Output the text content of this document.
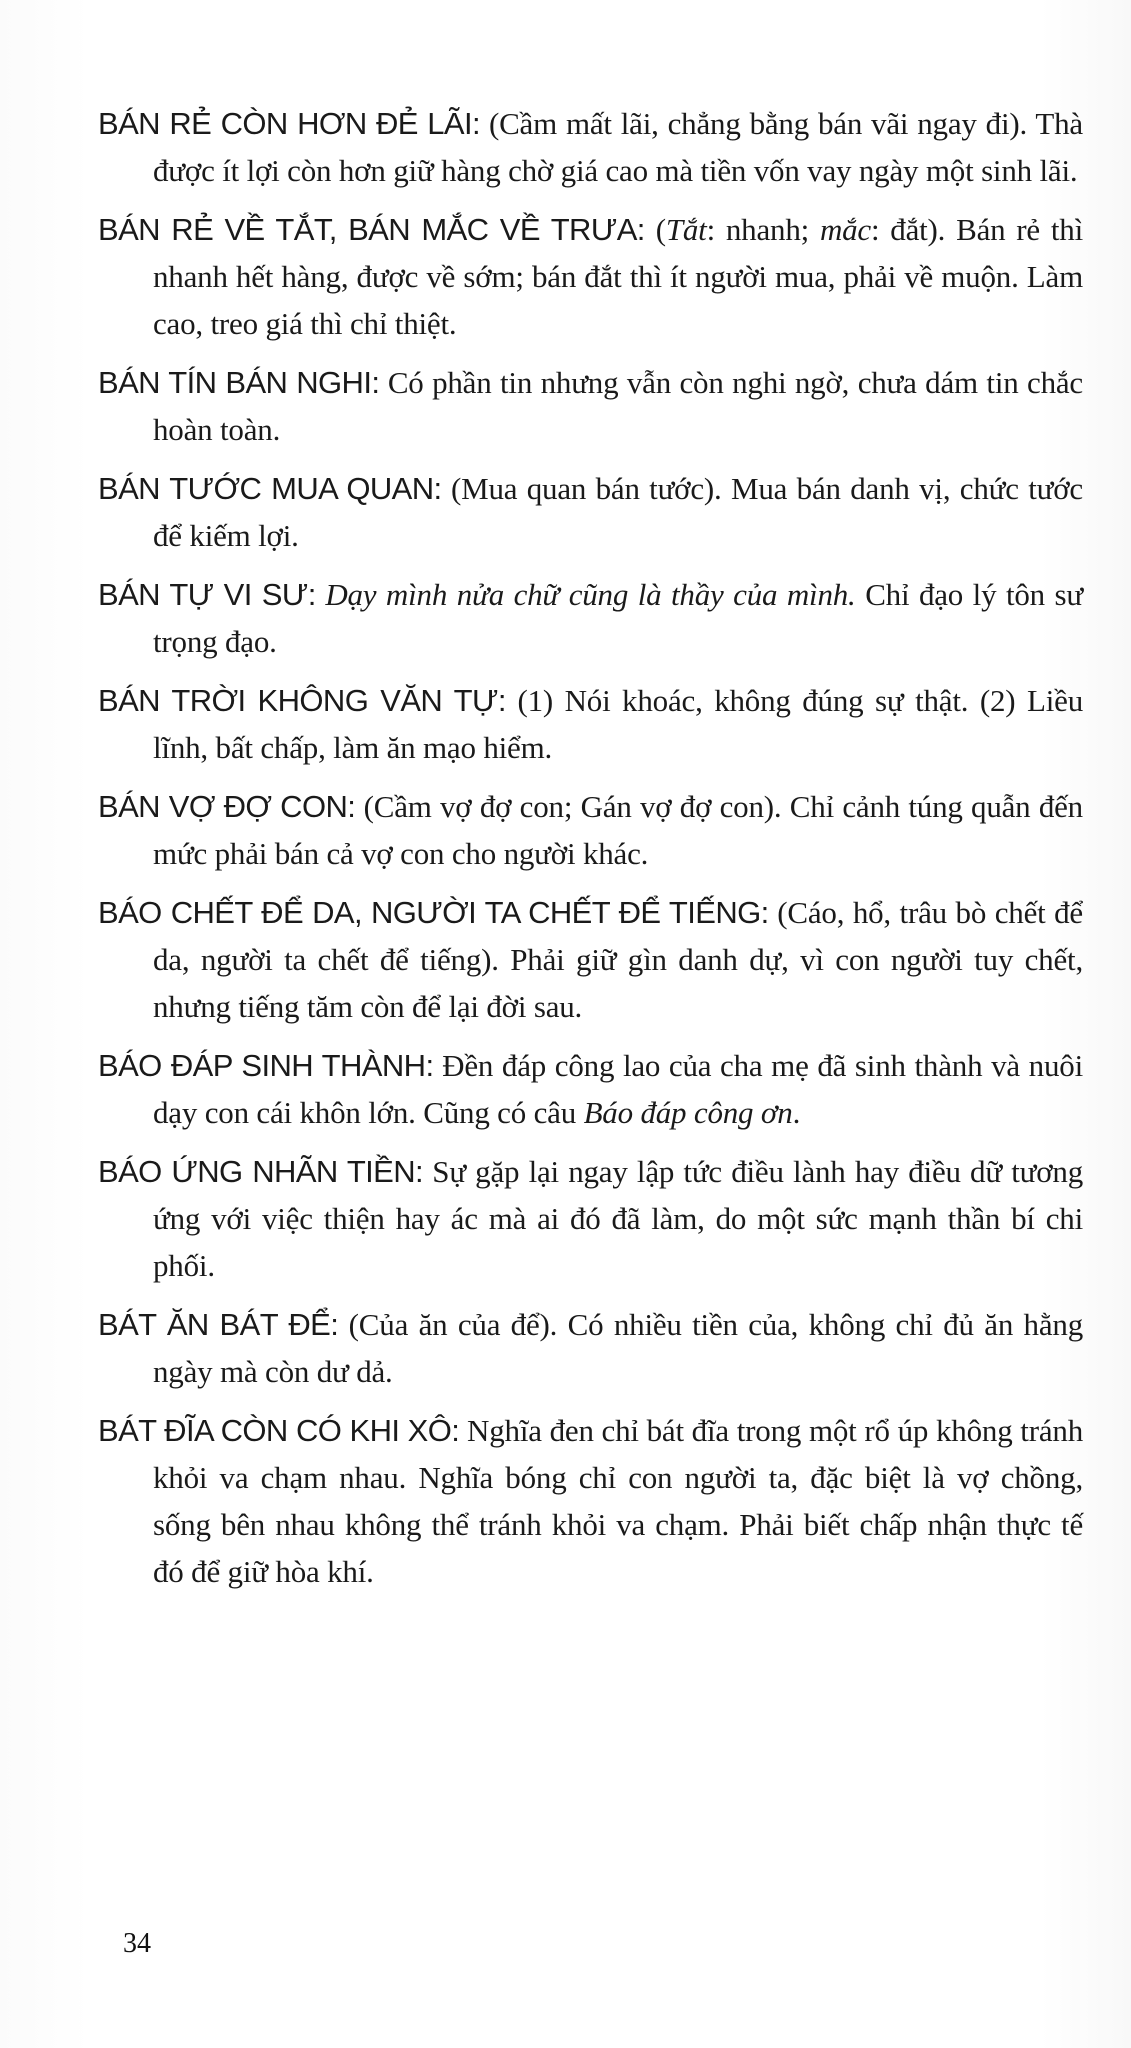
BÁN RẺ CÒN HƠN ĐẺ LÃI: (Cầm mất lãi, chẳng bằng bán vãi ngay đi). Thà được ít lợi còn hơn giữ hàng chờ giá cao mà tiền vốn vay ngày một sinh lãi.

BÁN RẺ VỀ TẮT, BÁN MẮC VỀ TRƯA: (Tắt: nhanh; mắc: đắt). Bán rẻ thì nhanh hết hàng, được về sớm; bán đắt thì ít người mua, phải về muộn. Làm cao, treo giá thì chỉ thiệt.

BÁN TÍN BÁN NGHI: Có phần tin nhưng vẫn còn nghi ngờ, chưa dám tin chắc hoàn toàn.

BÁN TƯỚC MUA QUAN: (Mua quan bán tước). Mua bán danh vị, chức tước để kiếm lợi.

BÁN TỰ VI SƯ: Dạy mình nửa chữ cũng là thầy của mình. Chỉ đạo lý tôn sư trọng đạo.

BÁN TRỜI KHÔNG VĂN TỰ: (1) Nói khoác, không đúng sự thật. (2) Liều lĩnh, bất chấp, làm ăn mạo hiểm.

BÁN VỢ ĐỢ CON: (Cầm vợ đợ con; Gán vợ đợ con). Chỉ cảnh túng quẫn đến mức phải bán cả vợ con cho người khác.

BÁO CHẾT ĐỂ DA, NGƯỜI TA CHẾT ĐỂ TIẾNG: (Cáo, hổ, trâu bò chết để da, người ta chết để tiếng). Phải giữ gìn danh dự, vì con người tuy chết, nhưng tiếng tăm còn để lại đời sau.

BÁO ĐÁP SINH THÀNH: Đền đáp công lao của cha mẹ đã sinh thành và nuôi dạy con cái khôn lớn. Cũng có câu Báo đáp công ơn.

BÁO ỨNG NHÃN TIỀN: Sự gặp lại ngay lập tức điều lành hay điều dữ tương ứng với việc thiện hay ác mà ai đó đã làm, do một sức mạnh thần bí chi phối.

BÁT ĂN BÁT ĐỂ: (Của ăn của để). Có nhiều tiền của, không chỉ đủ ăn hằng ngày mà còn dư dả.

BÁT ĐĨA CÒN CÓ KHI XÔ: Nghĩa đen chỉ bát đĩa trong một rổ úp không tránh khỏi va chạm nhau. Nghĩa bóng chỉ con người ta, đặc biệt là vợ chồng, sống bên nhau không thể tránh khỏi va chạm. Phải biết chấp nhận thực tế đó để giữ hòa khí.

34
